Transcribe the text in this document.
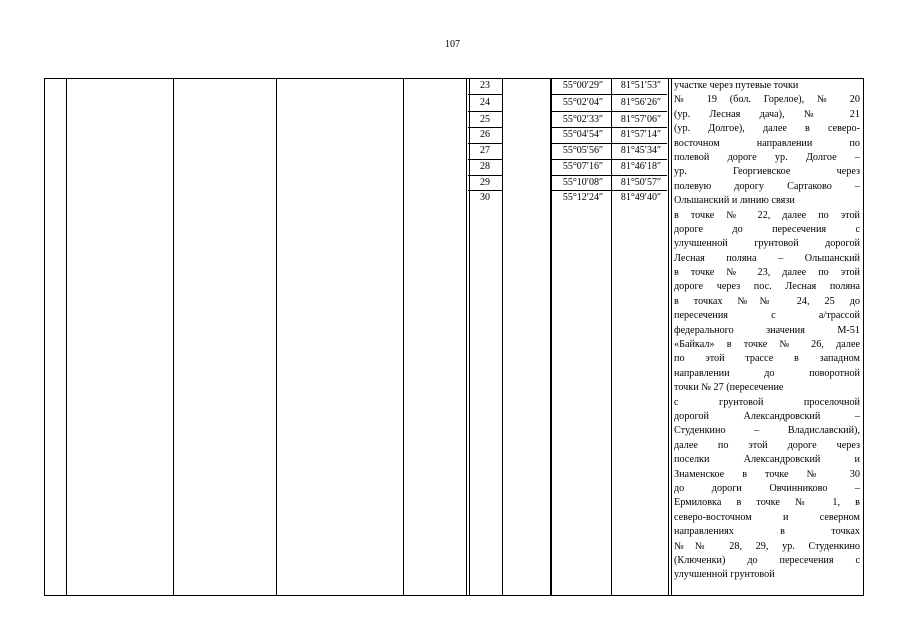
107
23	55°00′29″	81°51′53″
24	55°02′04″	81°56′26″
25	55°02′33″	81°57′06″
26	55°04′54″	81°57′14″
27	55°05′56″	81°45′34″
28	55°07′16″	81°46′18″
29	55°10′08″	81°50′57″
30	55°12′24″	81°49′40″
участке через путевые точки
№ 19 (бол. Горелое), № 20
(ур. Лесная дача), № 21
(ур. Долгое), далее в северо-
восточном направлении по
полевой дороге ур. Долгое –
ур. Георгиевское через
полевую дорогу Сартаково –
Ольшанский и линию связи
в точке № 22, далее по этой
дороге до пересечения с
улучшенной грунтовой дорогой
Лесная поляна – Ольшанский
в точке № 23, далее по этой
дороге через пос. Лесная поляна
в точках №№ 24, 25 до
пересечения с а/трассой
федерального значения М-51
«Байкал» в точке № 26, далее
по этой трассе в западном
направлении до поворотной
точки № 27 (пересечение
с грунтовой проселочной
дорогой Александровский –
Студенкино – Владиславский),
далее по этой дороге через
поселки Александровский и
Знаменское в точке № 30
до дороги Овчинниково –
Ермиловка в точке № 1, в
северо-восточном и северном
направлениях в точках
№№ 28, 29, ур. Студенкино
(Ключенки) до пересечения с
улучшенной грунтовой
